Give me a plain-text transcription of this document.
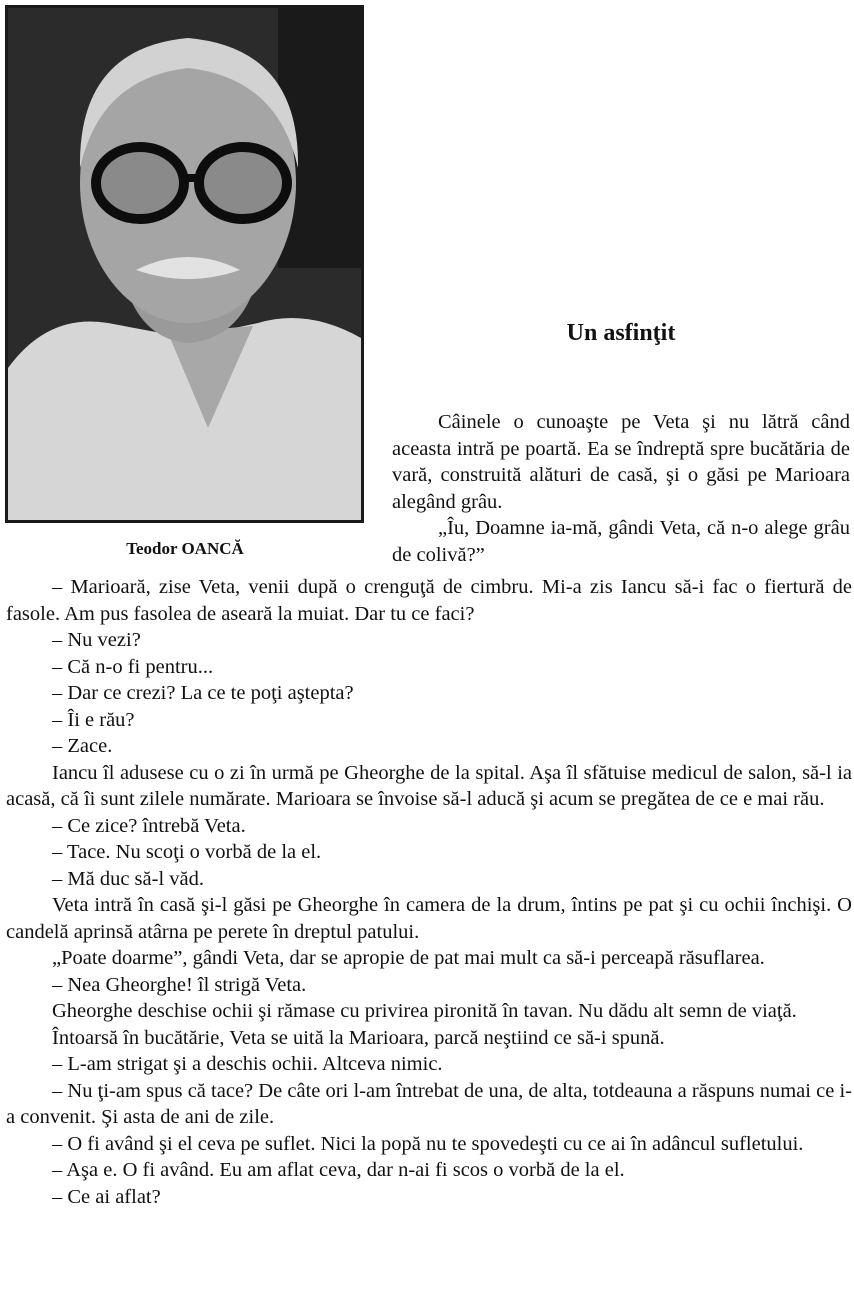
Teodor OANCĂ
Un asfinţit

Câinele o cunoaşte pe Veta şi nu lătră când aceasta intră pe poartă. Ea se îndreptă spre bucătăria de vară, construită alături de casă, şi o găsi pe Marioara alegând grâu.

„Îu, Doamne ia-mă, gândi Veta, că n-o alege grâu de colivă?”

– Marioară, zise Veta, venii după o crenguţă de cimbru. Mi-a zis Iancu să-i fac o fiertură de fasole. Am pus fasolea de aseară la muiat. Dar tu ce faci?

– Nu vezi?

– Că n-o fi pentru...

– Dar ce crezi? La ce te poţi aştepta?

– Îi e rău?

– Zace.

Iancu îl adusese cu o zi în urmă pe Gheorghe de la spital. Aşa îl sfătuise medicul de salon, să-l ia acasă, că îi sunt zilele numărate. Marioara se învoise să-l aducă şi acum se pregătea de ce e mai rău.

– Ce zice? întrebă Veta.

– Tace. Nu scoţi o vorbă de la el.

– Mă duc să-l văd.

Veta intră în casă şi-l găsi pe Gheorghe în camera de la drum, întins pe pat şi cu ochii închişi. O candelă aprinsă atârna pe perete în dreptul patului.

„Poate doarme”, gândi Veta, dar se apropie de pat mai mult ca să-i perceapă răsuflarea.

– Nea Gheorghe! îl strigă Veta.

Gheorghe deschise ochii şi rămase cu privirea pironită în tavan. Nu dădu alt semn de viaţă.

Întoarsă în bucătărie, Veta se uită la Marioara, parcă neştiind ce să-i spună.

– L-am strigat şi a deschis ochii. Altceva nimic.

– Nu ţi-am spus că tace? De câte ori l-am întrebat de una, de alta, totdeauna a răspuns numai ce i-a convenit. Şi asta de ani de zile.

– O fi având şi el ceva pe suflet. Nici la popă nu te spovedeşti cu ce ai în adâncul sufletului.

– Aşa e. O fi având. Eu am aflat ceva, dar n-ai fi scos o vorbă de la el.

– Ce ai aflat?
